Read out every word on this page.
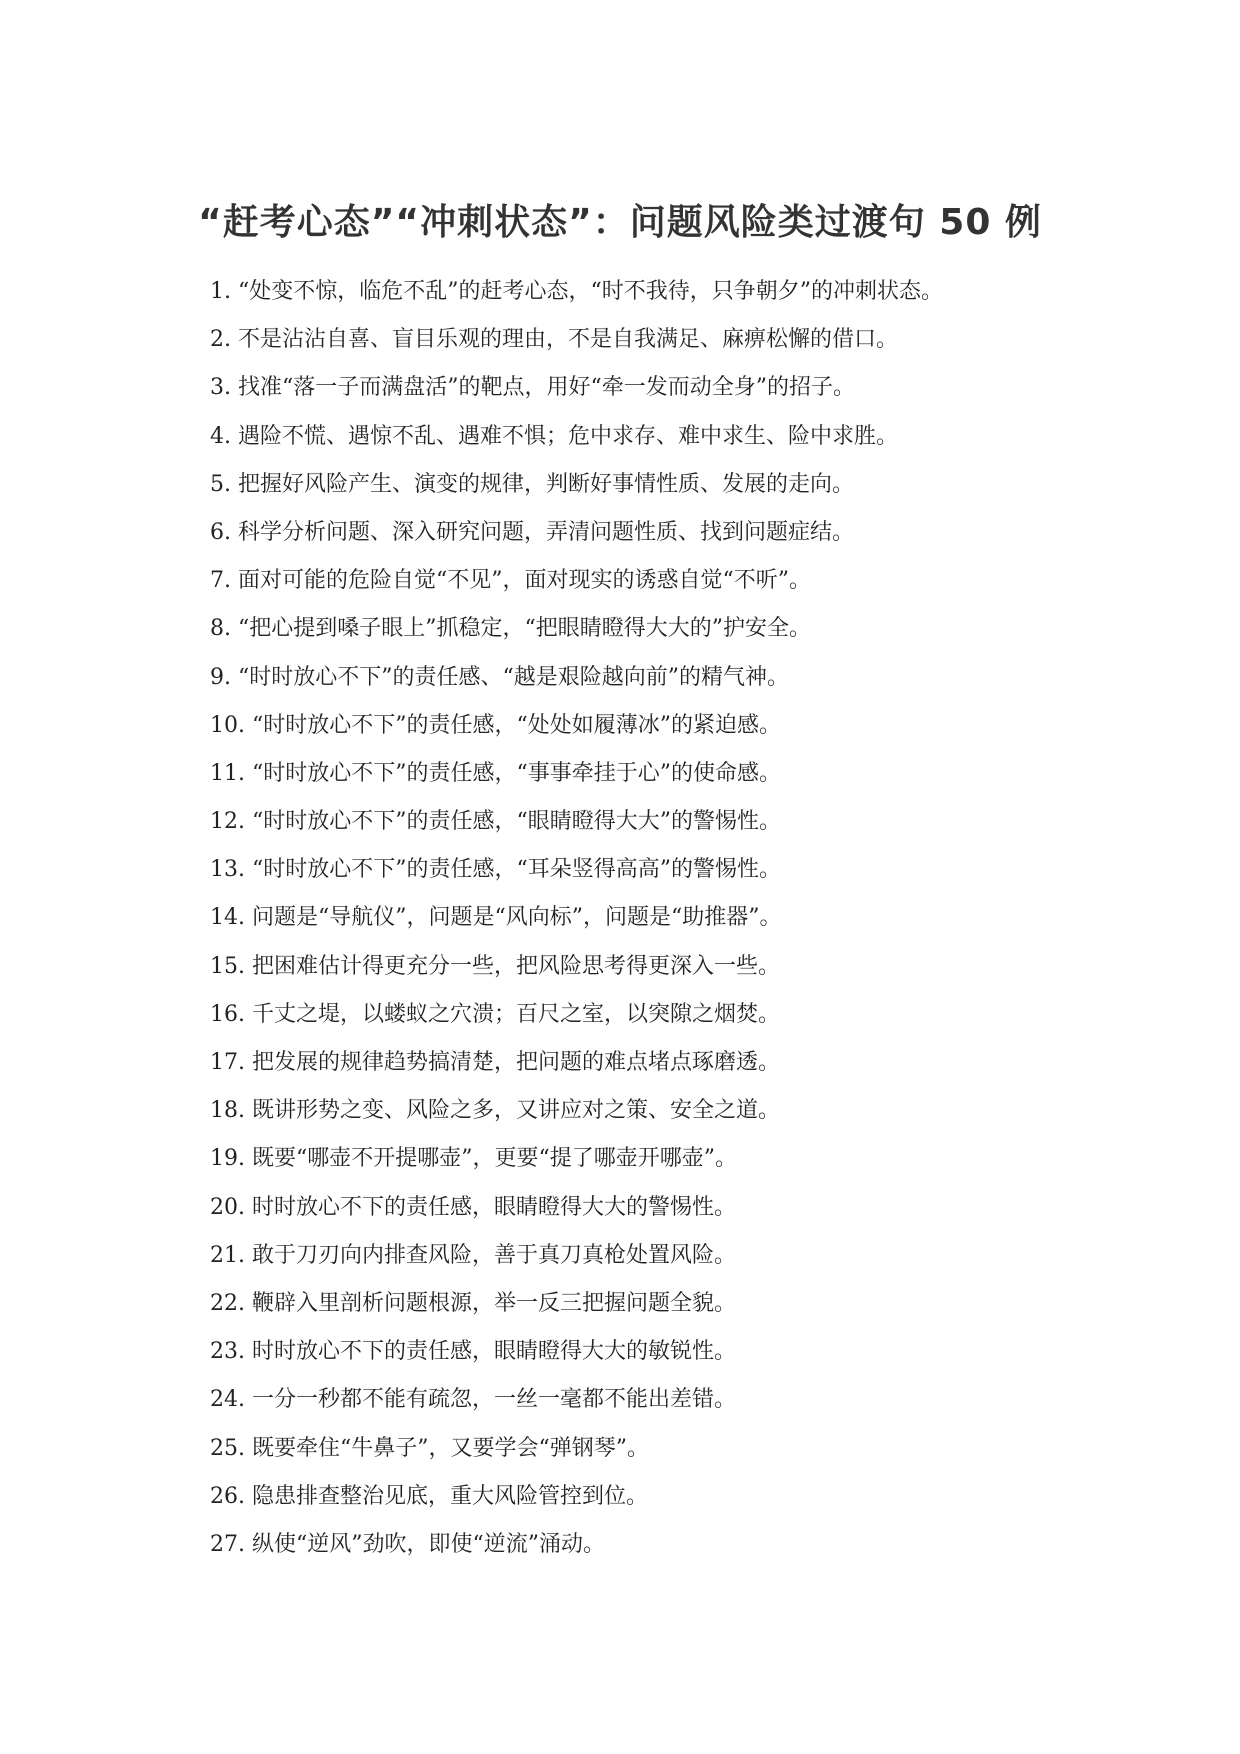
“赶考心态”“冲刺状态”：问题风险类过渡句 50 例
1. “处变不惊，临危不乱”的赶考心态，“时不我待，只争朝夕”的冲刺状态。
2. 不是沾沾自喜、盲目乐观的理由，不是自我满足、麻痹松懈的借口。
3. 找准“落一子而满盘活”的靶点，用好“牵一发而动全身”的招子。
4. 遇险不慌、遇惊不乱、遇难不惧；危中求存、难中求生、险中求胜。
5. 把握好风险产生、演变的规律，判断好事情性质、发展的走向。
6. 科学分析问题、深入研究问题，弄清问题性质、找到问题症结。
7. 面对可能的危险自觉“不见”，面对现实的诱惑自觉“不听”。
8. “把心提到嗓子眼上”抓稳定，“把眼睛瞪得大大的”护安全。
9. “时时放心不下”的责任感、“越是艰险越向前”的精气神。
10. “时时放心不下”的责任感，“处处如履薄冰”的紧迫感。
11. “时时放心不下”的责任感，“事事牵挂于心”的使命感。
12. “时时放心不下”的责任感，“眼睛瞪得大大”的警惕性。
13. “时时放心不下”的责任感，“耳朵竖得高高”的警惕性。
14. 问题是“导航仪”，问题是“风向标”，问题是“助推器”。
15. 把困难估计得更充分一些，把风险思考得更深入一些。
16. 千丈之堤，以蝼蚁之穴溃；百尺之室，以突隙之烟焚。
17. 把发展的规律趋势搞清楚，把问题的难点堵点琢磨透。
18. 既讲形势之变、风险之多，又讲应对之策、安全之道。
19. 既要“哪壶不开提哪壶”，更要“提了哪壶开哪壶”。
20. 时时放心不下的责任感，眼睛瞪得大大的警惕性。
21. 敢于刀刃向内排查风险，善于真刀真枪处置风险。
22. 鞭辟入里剖析问题根源，举一反三把握问题全貌。
23. 时时放心不下的责任感，眼睛瞪得大大的敏锐性。
24. 一分一秒都不能有疏忽，一丝一毫都不能出差错。
25. 既要牵住“牛鼻子”，又要学会“弹钢琴”。
26. 隐患排查整治见底，重大风险管控到位。
27. 纵使“逆风”劲吹，即使“逆流”涌动。
